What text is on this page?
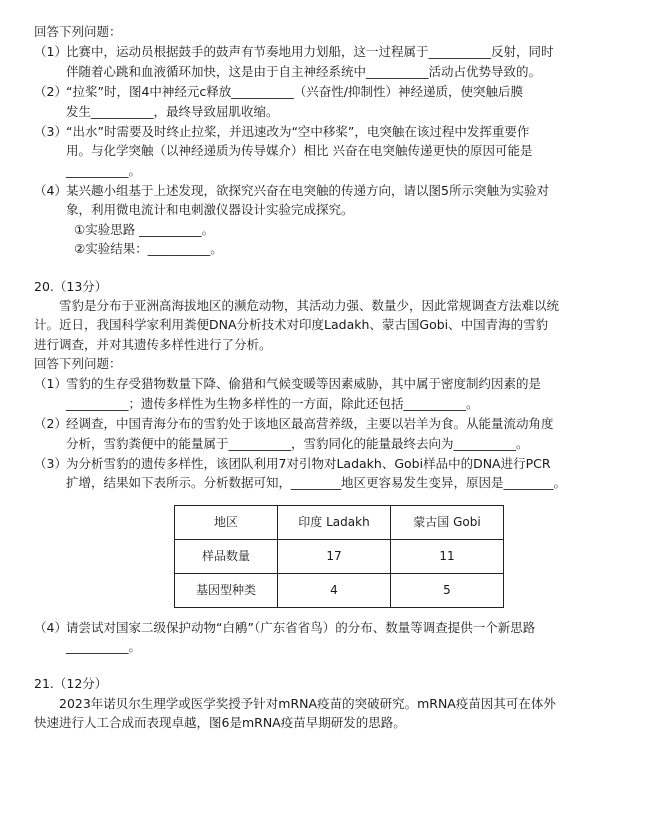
回答下列问题：

（1） 比赛中，运动员根据鼓手的鼓声有节奏地用力划船，这一过程属于__________反射，同时

伴随着心跳和血液循环加快，这是由于自主神经系统中__________活动占优势导致的。

（2） “拉桨”时，图4中神经元c释放__________（兴奋性/抑制性）神经递质，使突触后膜

发生__________，最终导致屈肌收缩。

（3） “出水”时需要及时终止拉桨，并迅速改为“空中移桨”，电突触在该过程中发挥重要作

用。与化学突触（以神经递质为传导媒介）相比 兴奋在电突触传递更快的原因可能是

__________。

（4） 某兴趣小组基于上述发现，欲探究兴奋在电突触的传递方向，请以图5所示突触为实验对

象，利用微电流计和电刺激仪器设计实验完成探究。

①实验思路 __________。

②实验结果：__________。

20.（13分）

雪豹是分布于亚洲高海拔地区的濒危动物，其活动力强、数量少，因此常规调查方法难以统

计。近日，我国科学家利用粪便DNA分析技术对印度Ladakh、蒙古国Gobi、中国青海的雪豹

进行调查，并对其遗传多样性进行了分析。

回答下列问题：

（1） 雪豹的生存受猎物数量下降、偷猎和气候变暖等因素威胁，其中属于密度制约因素的是

__________；遗传多样性为生物多样性的一方面，除此还包括__________。

（2） 经调查，中国青海分布的雪豹处于该地区最高营养级，主要以岩羊为食。从能量流动角度

分析，雪豹粪便中的能量属于__________，雪豹同化的能量最终去向为__________。

（3） 为分析雪豹的遗传多样性，该团队利用7对引物对Ladakh、Gobi样品中的DNA进行PCR

扩增，结果如下表所示。分析数据可知，________地区更容易发生变异，原因是________。

地区	印度 Ladakh	蒙古国 Gobi
样品数量	17	11
基因型种类	4	5
（4） 请尝试对国家二级保护动物“白鹇”（广东省省鸟）的分布、数量等调查提供一个新思路

__________。

21.（12分）

2023年诺贝尔生理学或医学奖授予针对mRNA疫苗的突破研究。mRNA疫苗因其可在体外

快速进行人工合成而表现卓越，图6是mRNA疫苗早期研发的思路。
